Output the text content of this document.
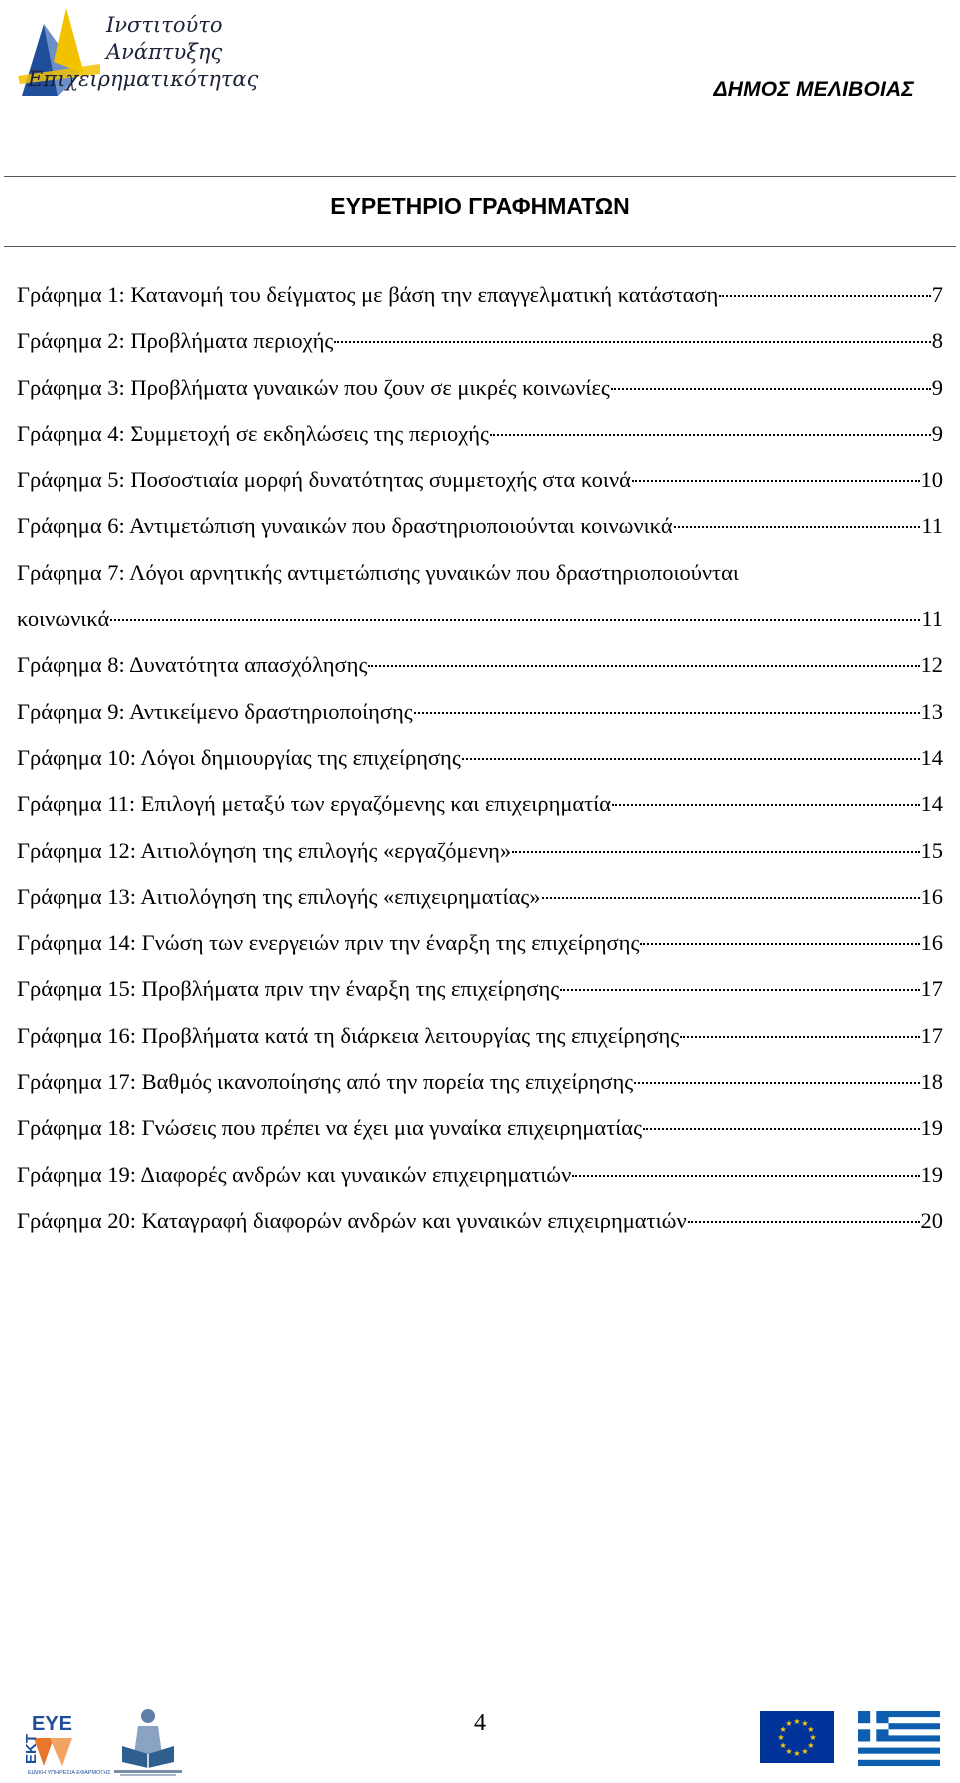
Ινστιτούτο
Ανάπτυξης
Επιχειρηματικότητας	ΔΗΜΟΣ ΜΕΛΙΒΟΙΑΣ
ΕΥΡΕΤΗΡΙΟ ΓΡΑΦΗΜΑΤΩΝ
Γράφημα 1: Κατανομή του δείγματος με βάση την επαγγελματική κατάσταση	7
Γράφημα 2: Προβλήματα περιοχής	8
Γράφημα 3: Προβλήματα γυναικών που ζουν σε μικρές κοινωνίες	9
Γράφημα 4: Συμμετοχή σε εκδηλώσεις της περιοχής	9
Γράφημα 5: Ποσοστιαία μορφή δυνατότητας συμμετοχής στα κοινά	10
Γράφημα 6: Αντιμετώπιση γυναικών που δραστηριοποιούνται κοινωνικά	11
Γράφημα 7: Λόγοι αρνητικής αντιμετώπισης γυναικών που δραστηριοποιούνται
κοινωνικά	11
Γράφημα 8: Δυνατότητα απασχόλησης	12
Γράφημα 9: Αντικείμενο δραστηριοποίησης	13
Γράφημα 10: Λόγοι δημιουργίας της επιχείρησης	14
Γράφημα 11: Επιλογή μεταξύ των εργαζόμενης και επιχειρηματία	14
Γράφημα 12: Αιτιολόγηση της επιλογής «εργαζόμενη»	15
Γράφημα 13: Αιτιολόγηση της επιλογής «επιχειρηματίας»	16
Γράφημα 14: Γνώση των ενεργειών πριν την έναρξη της επιχείρησης	16
Γράφημα 15: Προβλήματα πριν την έναρξη της επιχείρησης	17
Γράφημα 16: Προβλήματα κατά τη διάρκεια λειτουργίας της επιχείρησης	17
Γράφημα 17: Βαθμός ικανοποίησης από την πορεία της επιχείρησης	18
Γράφημα 18: Γνώσεις που πρέπει να έχει μια γυναίκα επιχειρηματίας	19
Γράφημα 19: Διαφορές ανδρών και γυναικών επιχειρηματιών	19
Γράφημα 20: Καταγραφή διαφορών ανδρών και γυναικών επιχειρηματιών	20
4
ΕΥΕ
ΕΚΤ
ΕΙΔΙΚΗ ΥΠΗΡΕΣΙΑ ΕΦΑΡΜΟΓΗΣ
★ ★
★
★
★
★
★
★
★
★
★
★
